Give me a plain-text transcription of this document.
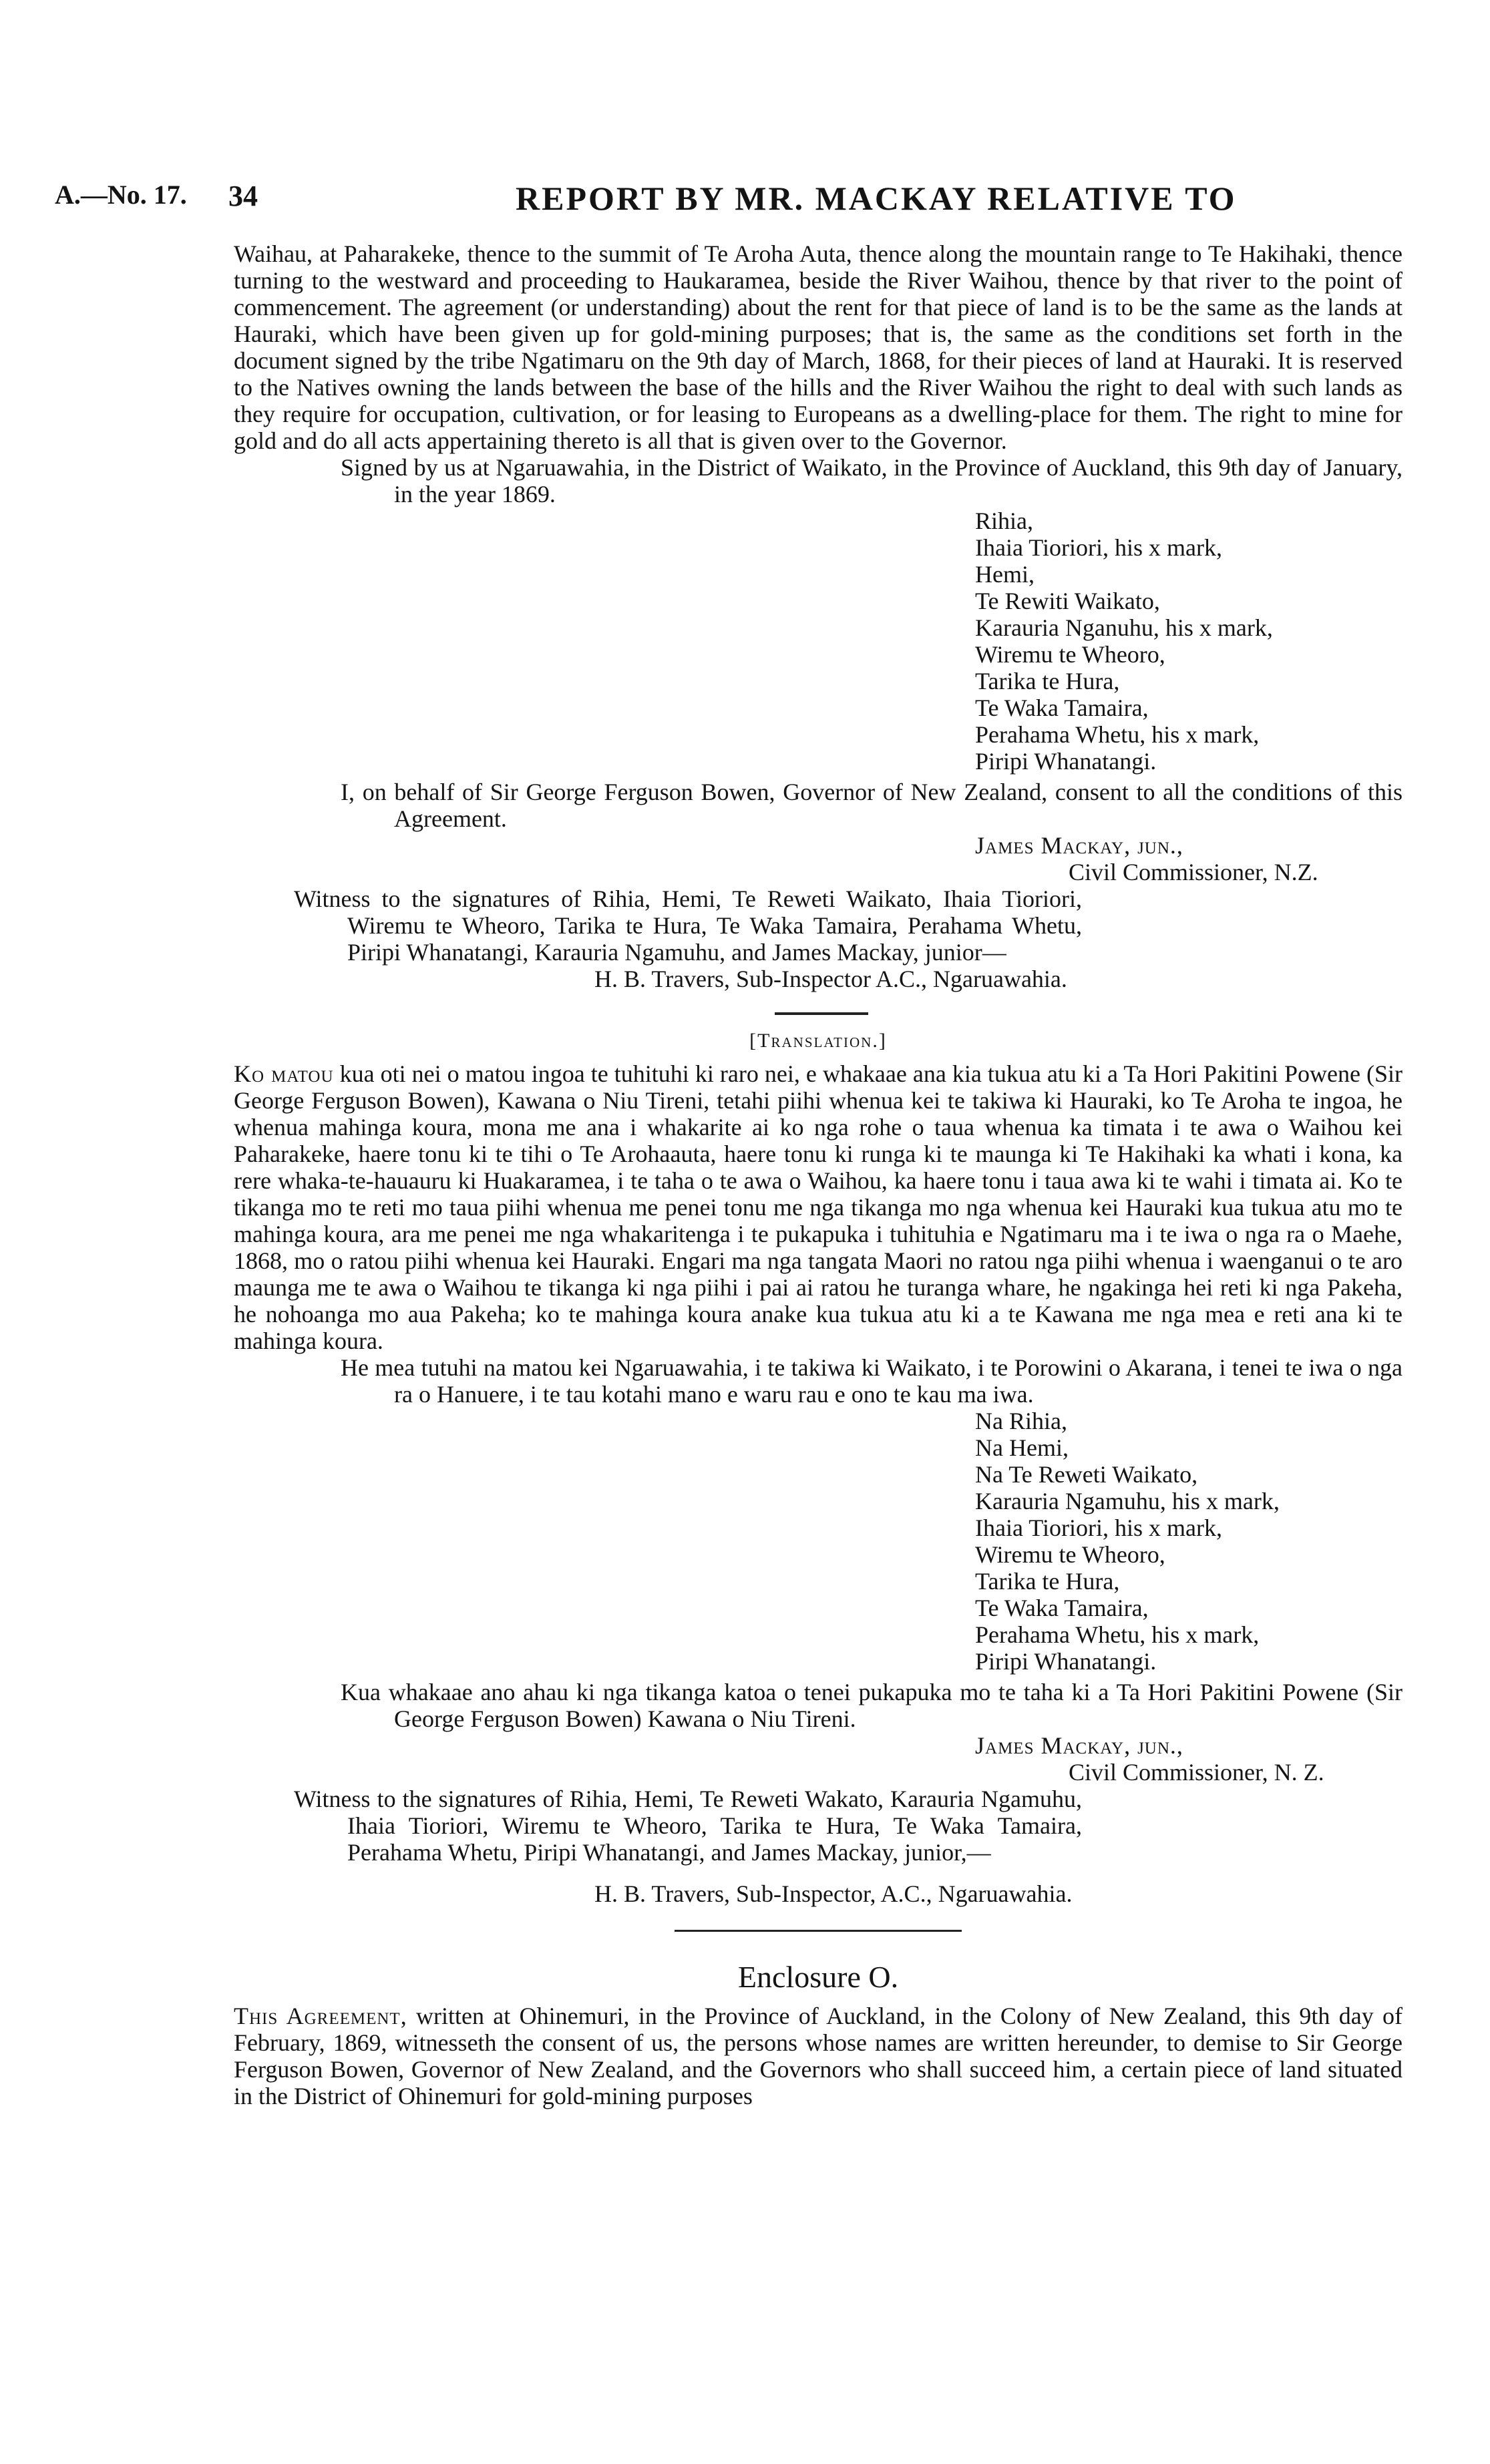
A.—No. 17. 34	REPORT BY MR. MACKAY RELATIVE TO

Waihau, at Paharakeke, thence to the summit of Te Aroha Auta, thence along the mountain range to Te Hakihaki, thence turning to the westward and proceeding to Haukaramea, beside the River Waihou, thence by that river to the point of commencement. The agreement (or understanding) about the rent for that piece of land is to be the same as the lands at Hauraki, which have been given up for gold-mining purposes; that is, the same as the conditions set forth in the document signed by the tribe Ngatimaru on the 9th day of March, 1868, for their pieces of land at Hauraki. It is reserved to the Natives owning the lands between the base of the hills and the River Waihou the right to deal with such lands as they require for occupation, cultivation, or for leasing to Europeans as a dwelling-place for them. The right to mine for gold and do all acts appertaining thereto is all that is given over to the Governor.

Signed by us at Ngaruawahia, in the District of Waikato, in the Province of Auckland, this 9th day of January, in the year 1869.

Rihia,
Ihaia Tioriori, his x mark,
Hemi,
Te Rewiti Waikato,
Karauria Nganuhu, his x mark,
Wiremu te Wheoro,
Tarika te Hura,
Te Waka Tamaira,
Perahama Whetu, his x mark,
Piripi Whanatangi.

I, on behalf of Sir George Ferguson Bowen, Governor of New Zealand, consent to all the conditions of this Agreement.

James Mackay, jun.,
Civil Commissioner, N.Z.

Witness to the signatures of Rihia, Hemi, Te Reweti Waikato, Ihaia Tioriori, Wiremu te Wheoro, Tarika te Hura, Te Waka Tamaira, Perahama Whetu, Piripi Whanatangi, Karauria Ngamuhu, and James Mackay, junior—

H. B. Travers, Sub-Inspector A.C., Ngaruawahia.
[Translation.]

Ko matou kua oti nei o matou ingoa te tuhituhi ki raro nei, e whakaae ana kia tukua atu ki a Ta Hori Pakitini Powene (Sir George Ferguson Bowen), Kawana o Niu Tireni, tetahi piihi whenua kei te takiwa ki Hauraki, ko Te Aroha te ingoa, he whenua mahinga koura, mona me ana i whakarite ai ko nga rohe o taua whenua ka timata i te awa o Waihou kei Paharakeke, haere tonu ki te tihi o Te Arohaauta, haere tonu ki runga ki te maunga ki Te Hakihaki ka whati i kona, ka rere whaka-te-hauauru ki Huakaramea, i te taha o te awa o Waihou, ka haere tonu i taua awa ki te wahi i timata ai. Ko te tikanga mo te reti mo taua piihi whenua me penei tonu me nga tikanga mo nga whenua kei Hauraki kua tukua atu mo te mahinga koura, ara me penei me nga whakaritenga i te pukapuka i tuhituhia e Ngatimaru ma i te iwa o nga ra o Maehe, 1868, mo o ratou piihi whenua kei Hauraki. Engari ma nga tangata Maori no ratou nga piihi whenua i waenganui o te aro maunga me te awa o Waihou te tikanga ki nga piihi i pai ai ratou he turanga whare, he ngakinga hei reti ki nga Pakeha, he nohoanga mo aua Pakeha; ko te mahinga koura anake kua tukua atu ki a te Kawana me nga mea e reti ana ki te mahinga koura.

He mea tutuhi na matou kei Ngaruawahia, i te takiwa ki Waikato, i te Porowini o Akarana, i tenei te iwa o nga ra o Hanuere, i te tau kotahi mano e waru rau e ono te kau ma iwa.

Na Rihia,
Na Hemi,
Na Te Reweti Waikato,
Karauria Ngamuhu, his x mark,
Ihaia Tioriori, his x mark,
Wiremu te Wheoro,
Tarika te Hura,
Te Waka Tamaira,
Perahama Whetu, his x mark,
Piripi Whanatangi.

Kua whakaae ano ahau ki nga tikanga katoa o tenei pukapuka mo te taha ki a Ta Hori Pakitini Powene (Sir George Ferguson Bowen) Kawana o Niu Tireni.

James Mackay, jun.,
Civil Commissioner, N. Z.

Witness to the signatures of Rihia, Hemi, Te Reweti Wakato, Karauria Ngamuhu, Ihaia Tioriori, Wiremu te Wheoro, Tarika te Hura, Te Waka Tamaira, Perahama Whetu, Piripi Whanatangi, and James Mackay, junior,—

H. B. Travers, Sub-Inspector, A.C., Ngaruawahia.
Enclosure O.

This Agreement, written at Ohinemuri, in the Province of Auckland, in the Colony of New Zealand, this 9th day of February, 1869, witnesseth the consent of us, the persons whose names are written hereunder, to demise to Sir George Ferguson Bowen, Governor of New Zealand, and the Governors who shall succeed him, a certain piece of land situated in the District of Ohinemuri for gold-mining purposes
